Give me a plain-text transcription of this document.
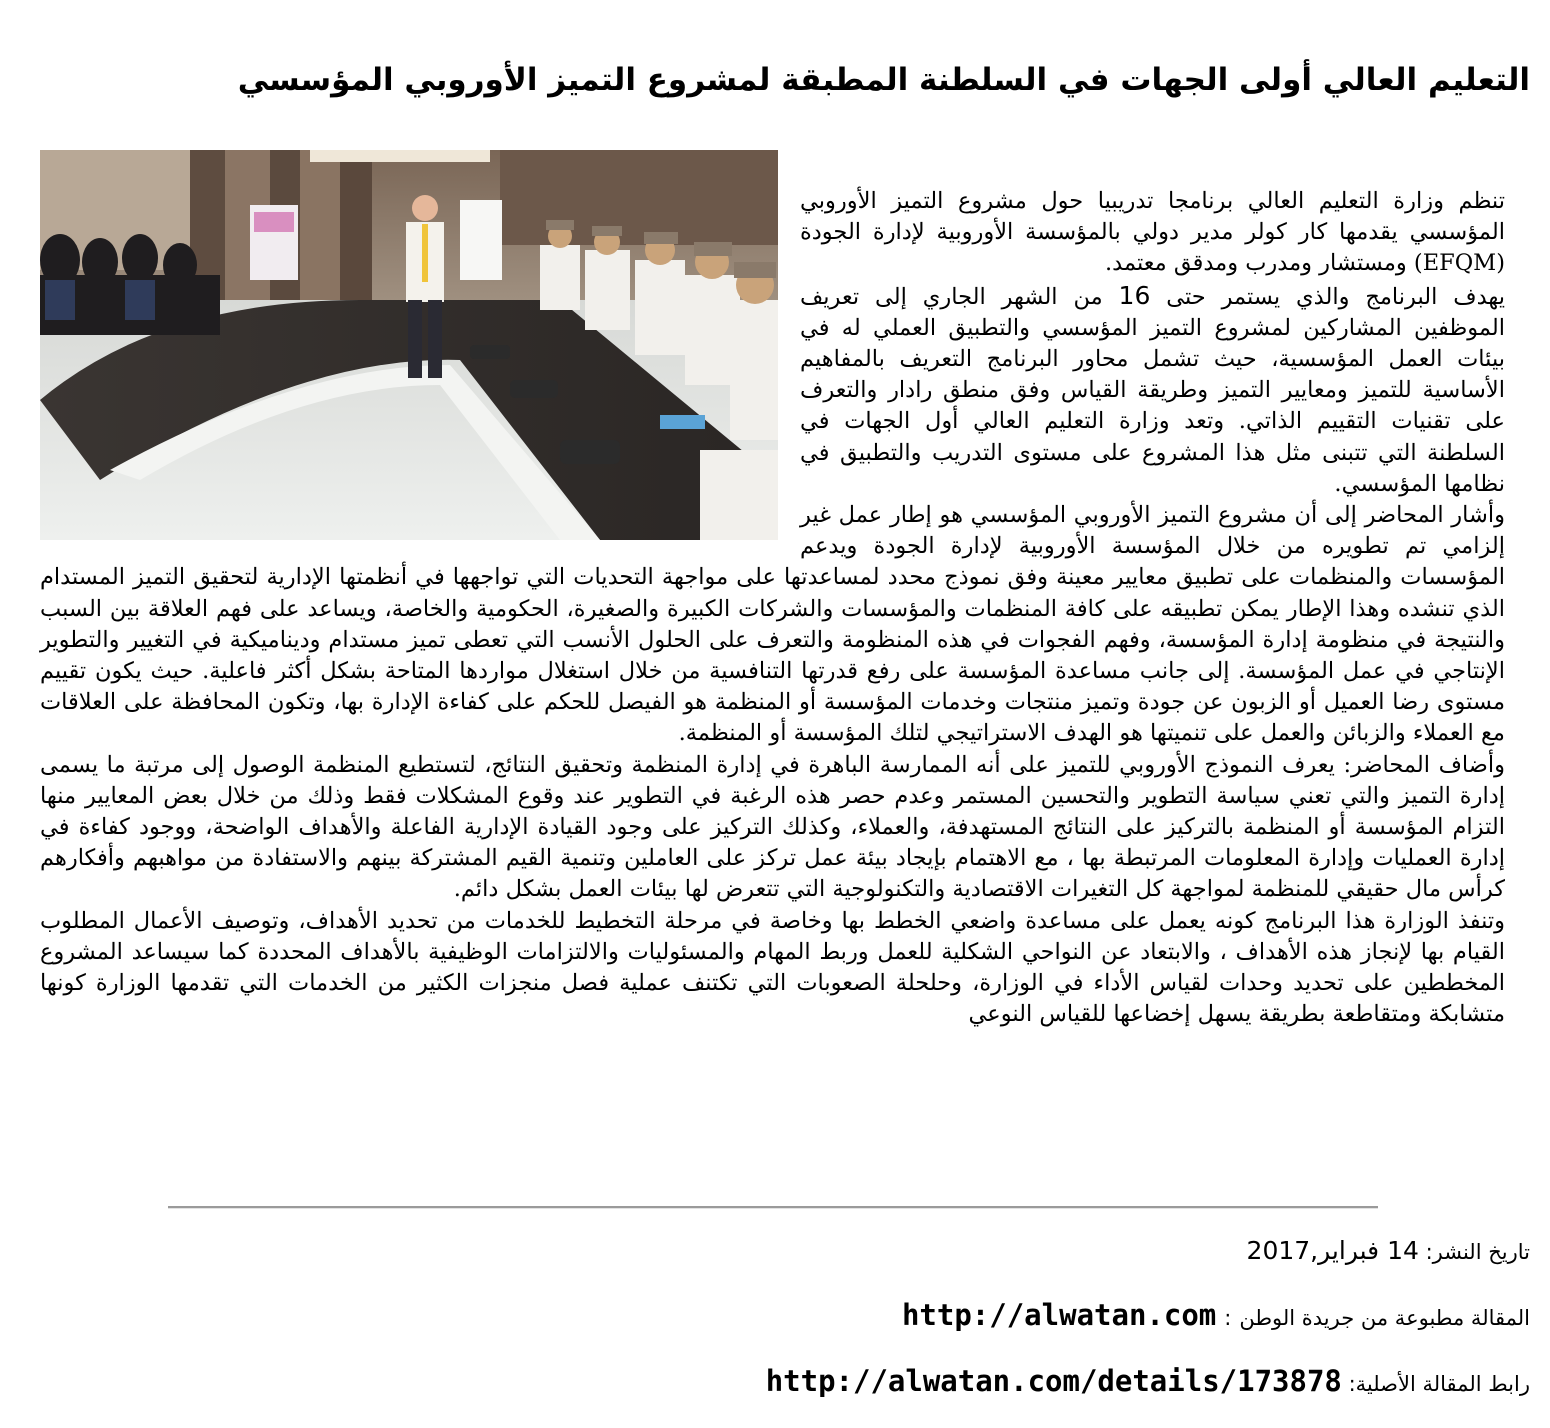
التعليم العالي أولى الجهات في السلطنة المطبقة لمشروع التميز الأوروبي المؤسسي

تنظم وزارة التعليم العالي برنامجا تدريبيا حول مشروع التميز الأوروبي المؤسسي يقدمها كار كولر مدير دولي بالمؤسسة الأوروبية لإدارة الجودة (EFQM) ومستشار ومدرب ومدقق معتمد.

يهدف البرنامج والذي يستمر حتى 16 من الشهر الجاري إلى تعريف الموظفين المشاركين لمشروع التميز المؤسسي والتطبيق العملي له في بيئات العمل المؤسسية، حيث تشمل محاور البرنامج التعريف بالمفاهيم الأساسية للتميز ومعايير التميز وطريقة القياس وفق منطق رادار والتعرف على تقنيات التقييم الذاتي. وتعد وزارة التعليم العالي أول الجهات في السلطنة التي تتبنى مثل هذا المشروع على مستوى التدريب والتطبيق في نظامها المؤسسي.

وأشار المحاضر إلى أن مشروع التميز الأوروبي المؤسسي هو إطار عمل غير إلزامي تم تطويره من خلال المؤسسة الأوروبية لإدارة الجودة ويدعم المؤسسات والمنظمات على تطبيق معايير معينة وفق نموذج محدد لمساعدتها على مواجهة التحديات التي تواجهها في أنظمتها الإدارية لتحقيق التميز المستدام الذي تنشده وهذا الإطار يمكن تطبيقه على كافة المنظمات والمؤسسات والشركات الكبيرة والصغيرة، الحكومية والخاصة، ويساعد على فهم العلاقة بين السبب والنتيجة في منظومة إدارة المؤسسة، وفهم الفجوات في هذه المنظومة والتعرف على الحلول الأنسب التي تعطى تميز مستدام وديناميكية في التغيير والتطوير الإنتاجي في عمل المؤسسة. إلى جانب مساعدة المؤسسة على رفع قدرتها التنافسية من خلال استغلال مواردها المتاحة بشكل أكثر فاعلية. حيث يكون تقييم مستوى رضا العميل أو الزبون عن جودة وتميز منتجات وخدمات المؤسسة أو المنظمة هو الفيصل للحكم على كفاءة الإدارة بها، وتكون المحافظة على العلاقات مع العملاء والزبائن والعمل على تنميتها هو الهدف الاستراتيجي لتلك المؤسسة أو المنظمة.

وأضاف المحاضر: يعرف النموذج الأوروبي للتميز على أنه الممارسة الباهرة في إدارة المنظمة وتحقيق النتائج، لتستطيع المنظمة الوصول إلى مرتبة ما يسمى إدارة التميز والتي تعني سياسة التطوير والتحسين المستمر وعدم حصر هذه الرغبة في التطوير عند وقوع المشكلات فقط وذلك من خلال بعض المعايير منها التزام المؤسسة أو المنظمة بالتركيز على النتائج المستهدفة، والعملاء، وكذلك التركيز على وجود القيادة الإدارية الفاعلة والأهداف الواضحة، ووجود كفاءة في إدارة العمليات وإدارة المعلومات المرتبطة بها ، مع الاهتمام بإيجاد بيئة عمل تركز على العاملين وتنمية القيم المشتركة بينهم والاستفادة من مواهبهم وأفكارهم كرأس مال حقيقي للمنظمة لمواجهة كل التغيرات الاقتصادية والتكنولوجية التي تتعرض لها بيئات العمل بشكل دائم.

وتنفذ الوزارة هذا البرنامج كونه يعمل على مساعدة واضعي الخطط بها وخاصة في مرحلة التخطيط للخدمات من تحديد الأهداف، وتوصيف الأعمال المطلوب القيام بها لإنجاز هذه الأهداف ، والابتعاد عن النواحي الشكلية للعمل وربط المهام والمسئوليات والالتزامات الوظيفية بالأهداف المحددة كما سيساعد المشروع المخططين على تحديد وحدات لقياس الأداء في الوزارة، وحلحلة الصعوبات التي تكتنف عملية فصل منجزات الكثير من الخدمات التي تقدمها الوزارة كونها متشابكة ومتقاطعة بطريقة يسهل إخضاعها للقياس النوعي

تاريخ النشر: 14 فبراير,2017
المقالة مطبوعة من جريدة الوطن:http://alwatan.com
رابط المقالة الأصلية: http://alwatan.com/details/173878
